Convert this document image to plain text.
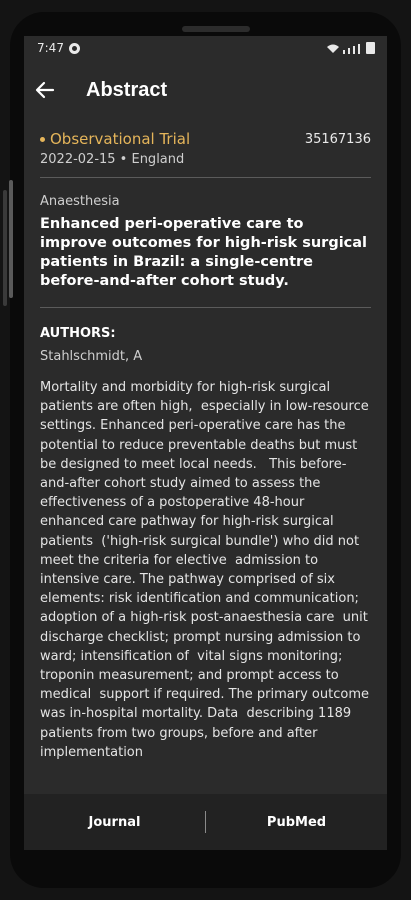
7:47
Abstract
Observational Trial	35167136
2022-02-15 • England
Anaesthesia
Enhanced peri-operative care to improve outcomes for high-risk surgical patients in Brazil: a single-centre before-and-after cohort study.
AUTHORS:
Stahlschmidt, A
Mortality and morbidity for high-risk surgical patients are often high,  especially in low-resource settings. Enhanced peri-operative care has the  potential to reduce preventable deaths but must be designed to meet local needs.   This before-and-after cohort study aimed to assess the effectiveness of a postoperative 48-hour enhanced care pathway for high-risk surgical patients  ('high-risk surgical bundle') who did not meet the criteria for elective  admission to intensive care. The pathway comprised of six elements: risk identification and communication; adoption of a high-risk post-anaesthesia care  unit discharge checklist; prompt nursing admission to ward; intensification of  vital signs monitoring; troponin measurement; and prompt access to medical  support if required. The primary outcome was in-hospital mortality. Data  describing 1189 patients from two groups, before and after implementation
Journal	PubMed
